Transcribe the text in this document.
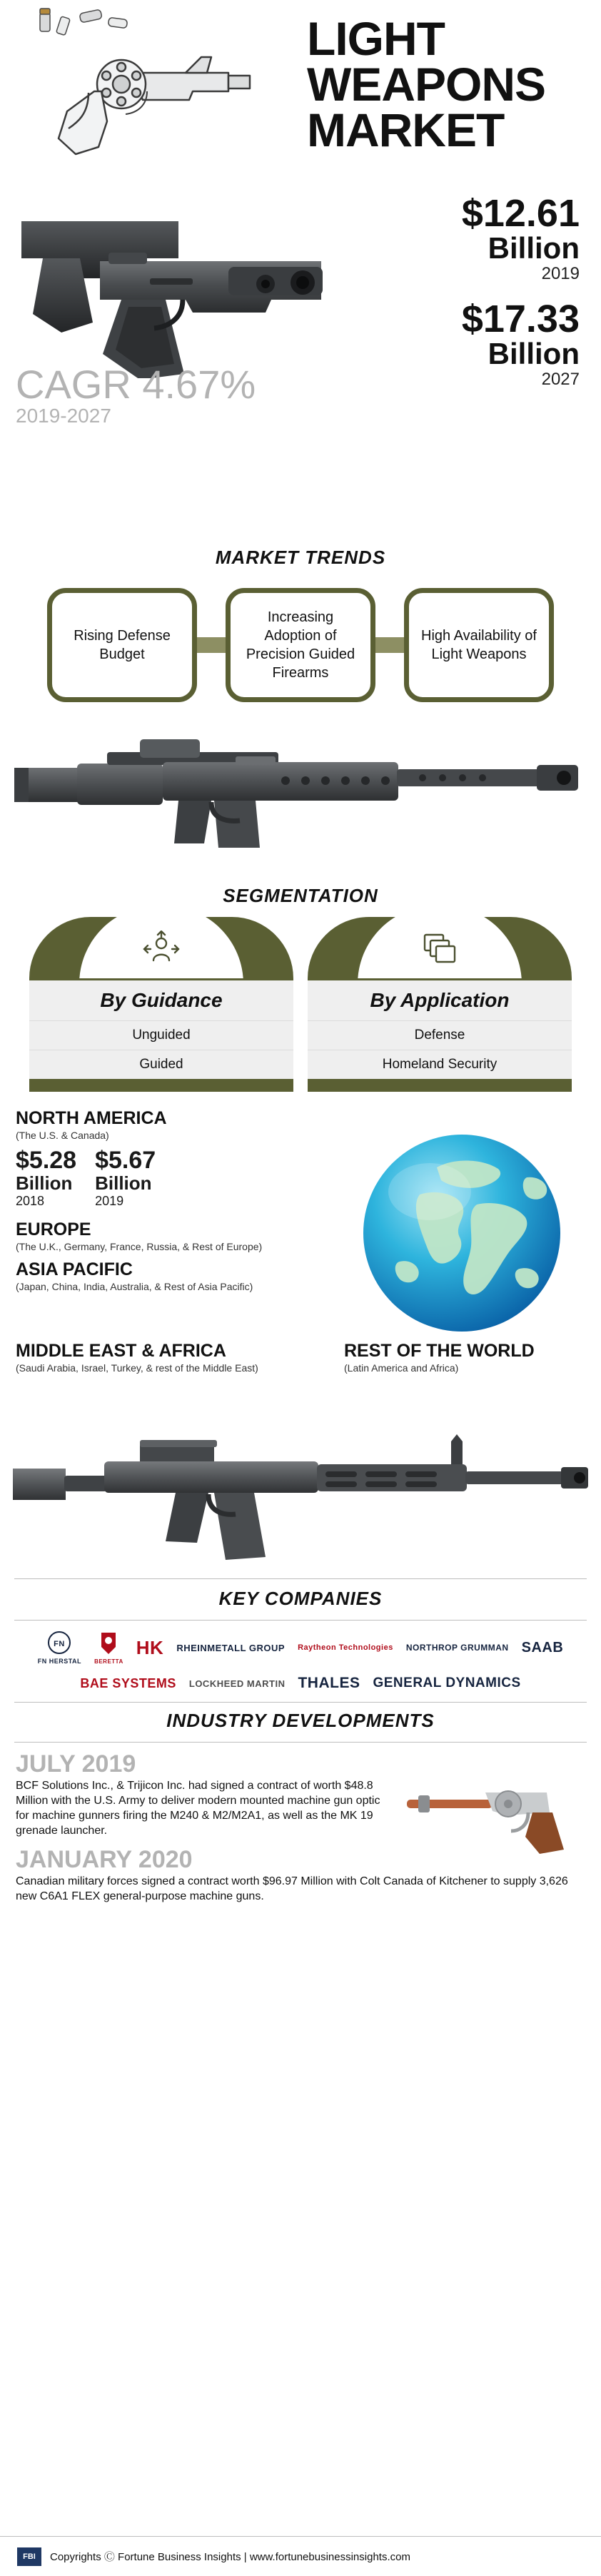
LIGHT
WEAPONS
MARKET
$12.61
Billion
2019
$17.33
Billion
2027
CAGR 4.67%
2019-2027
MARKET TRENDS
Rising Defense Budget
Increasing Adoption of Precision Guided Firearms
High Availability of Light Weapons
SEGMENTATION
By Guidance
Unguided
Guided
By Application
Defense
Homeland Security
NORTH AMERICA
(The U.S. & Canada)
$5.28
Billion
2018
$5.67
Billion
2019
EUROPE
(The U.K., Germany, France, Russia, & Rest of Europe)
ASIA PACIFIC
(Japan, China, India, Australia, & Rest of Asia Pacific)
MIDDLE EAST & AFRICA
(Saudi Arabia, Israel, Turkey, & rest of the Middle East)
REST OF THE WORLD
(Latin America and Africa)
KEY COMPANIES
FN
FN HERSTAL BERETTA
HK RHEINMETALL GROUP Raytheon Technologies NORTHROP GRUMMAN SAAB
BAE SYSTEMS LOCKHEED MARTIN THALES GENERAL DYNAMICS
INDUSTRY DEVELOPMENTS
JULY 2019
BCF Solutions Inc., & Trijicon Inc. had signed a contract of worth $48.8 Million with the U.S. Army to deliver modern mounted machine gun optic for machine gunners firing the M240 & M2/M2A1, as well as the MK 19 grenade launcher.
JANUARY 2020
Canadian military forces signed a contract worth $96.97 Million with Colt Canada of Kitchener to supply 3,626 new C6A1 FLEX general-purpose machine guns.
FBI	Copyrights Ⓒ Fortune Business Insights | www.fortunebusinessinsights.com
